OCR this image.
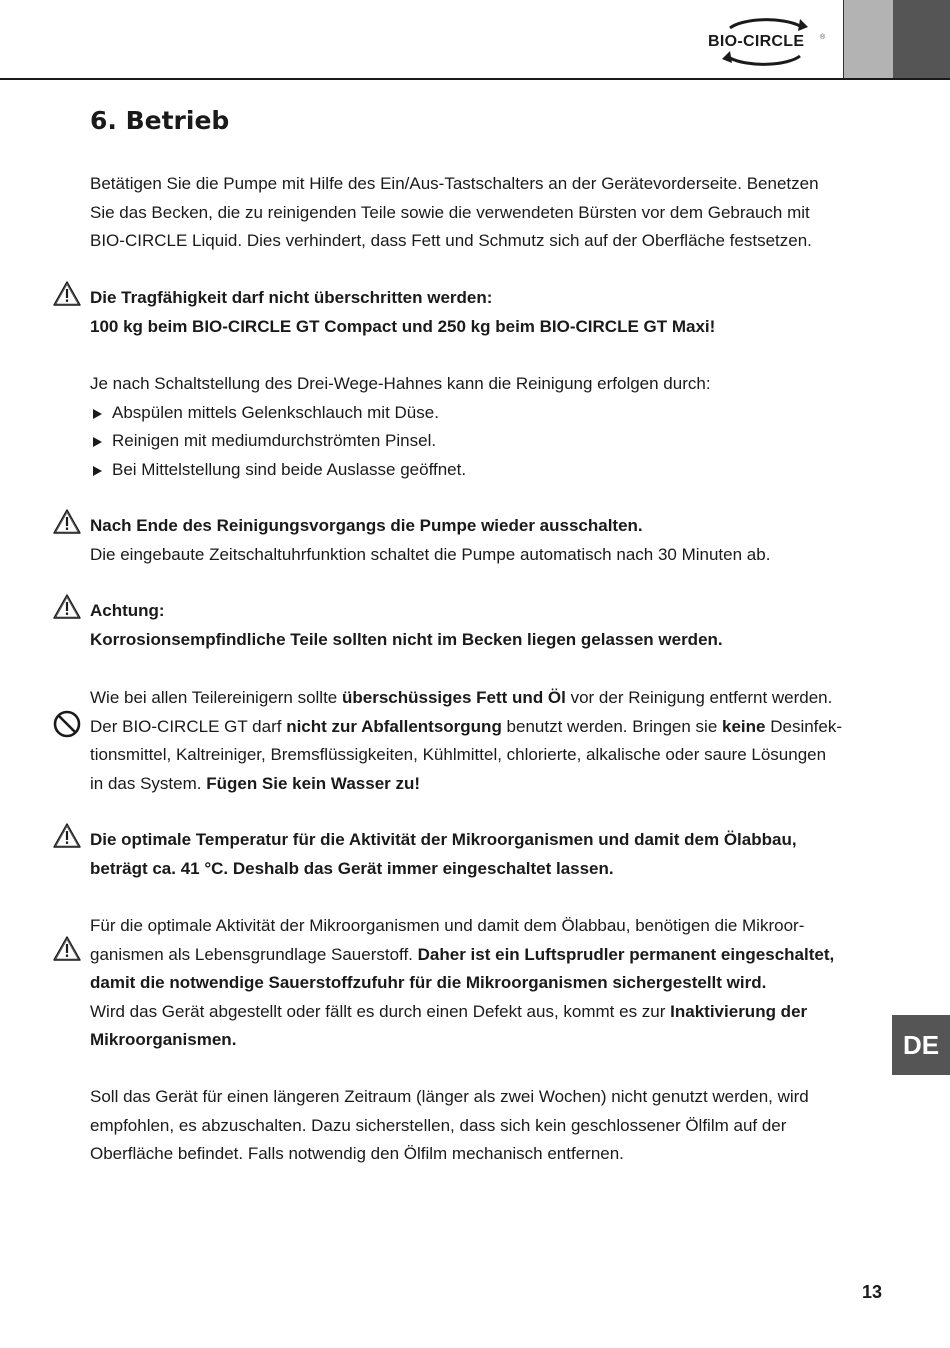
BIO-CIRCLE ®
6. Betrieb
Betätigen Sie die Pumpe mit Hilfe des Ein/Aus-Tastschalters an der Gerätevorderseite. Benetzen
Sie das Becken, die zu reinigenden Teile sowie die verwendeten Bürsten vor dem Gebrauch mit
BIO-CIRCLE Liquid. Dies verhindert, dass Fett und Schmutz sich auf der Oberfläche festsetzen.
Die Tragfähigkeit darf nicht überschritten werden:
100 kg beim BIO-CIRCLE GT Compact und 250 kg beim BIO-CIRCLE GT Maxi!
Je nach Schaltstellung des Drei-Wege-Hahnes kann die Reinigung erfolgen durch:
Abspülen mittels Gelenkschlauch mit Düse.
Reinigen mit mediumdurchströmten Pinsel.
Bei Mittelstellung sind beide Auslasse geöffnet.
Nach Ende des Reinigungsvorgangs die Pumpe wieder ausschalten.
Die eingebaute Zeitschaltuhrfunktion schaltet die Pumpe automatisch nach 30 Minuten ab.
Achtung:
Korrosionsempfindliche Teile sollten nicht im Becken liegen gelassen werden.
Wie bei allen Teilereinigern sollte überschüssiges Fett und Öl vor der Reinigung entfernt werden.
Der BIO-CIRCLE GT darf nicht zur Abfallentsorgung benutzt werden. Bringen sie keine Desinfek-
tionsmittel, Kaltreiniger, Bremsflüssigkeiten, Kühlmittel, chlorierte, alkalische oder saure Lösungen
in das System. Fügen Sie kein Wasser zu!
Die optimale Temperatur für die Aktivität der Mikroorganismen und damit dem Ölabbau,
beträgt ca. 41 °C. Deshalb das Gerät immer eingeschaltet lassen.
Für die optimale Aktivität der Mikroorganismen und damit dem Ölabbau, benötigen die Mikroor-
ganismen als Lebensgrundlage Sauerstoff. Daher ist ein Luftsprudler permanent eingeschaltet,
damit die notwendige Sauerstoffzufuhr für die Mikroorganismen sichergestellt wird.
Wird das Gerät abgestellt oder fällt es durch einen Defekt aus, kommt es zur Inaktivierung der
Mikroorganismen.
Soll das Gerät für einen längeren Zeitraum (länger als zwei Wochen) nicht genutzt werden, wird
empfohlen, es abzuschalten. Dazu sicherstellen, dass sich kein geschlossener Ölfilm auf der
Oberfläche befindet. Falls notwendig den Ölfilm mechanisch entfernen.
DE
13
